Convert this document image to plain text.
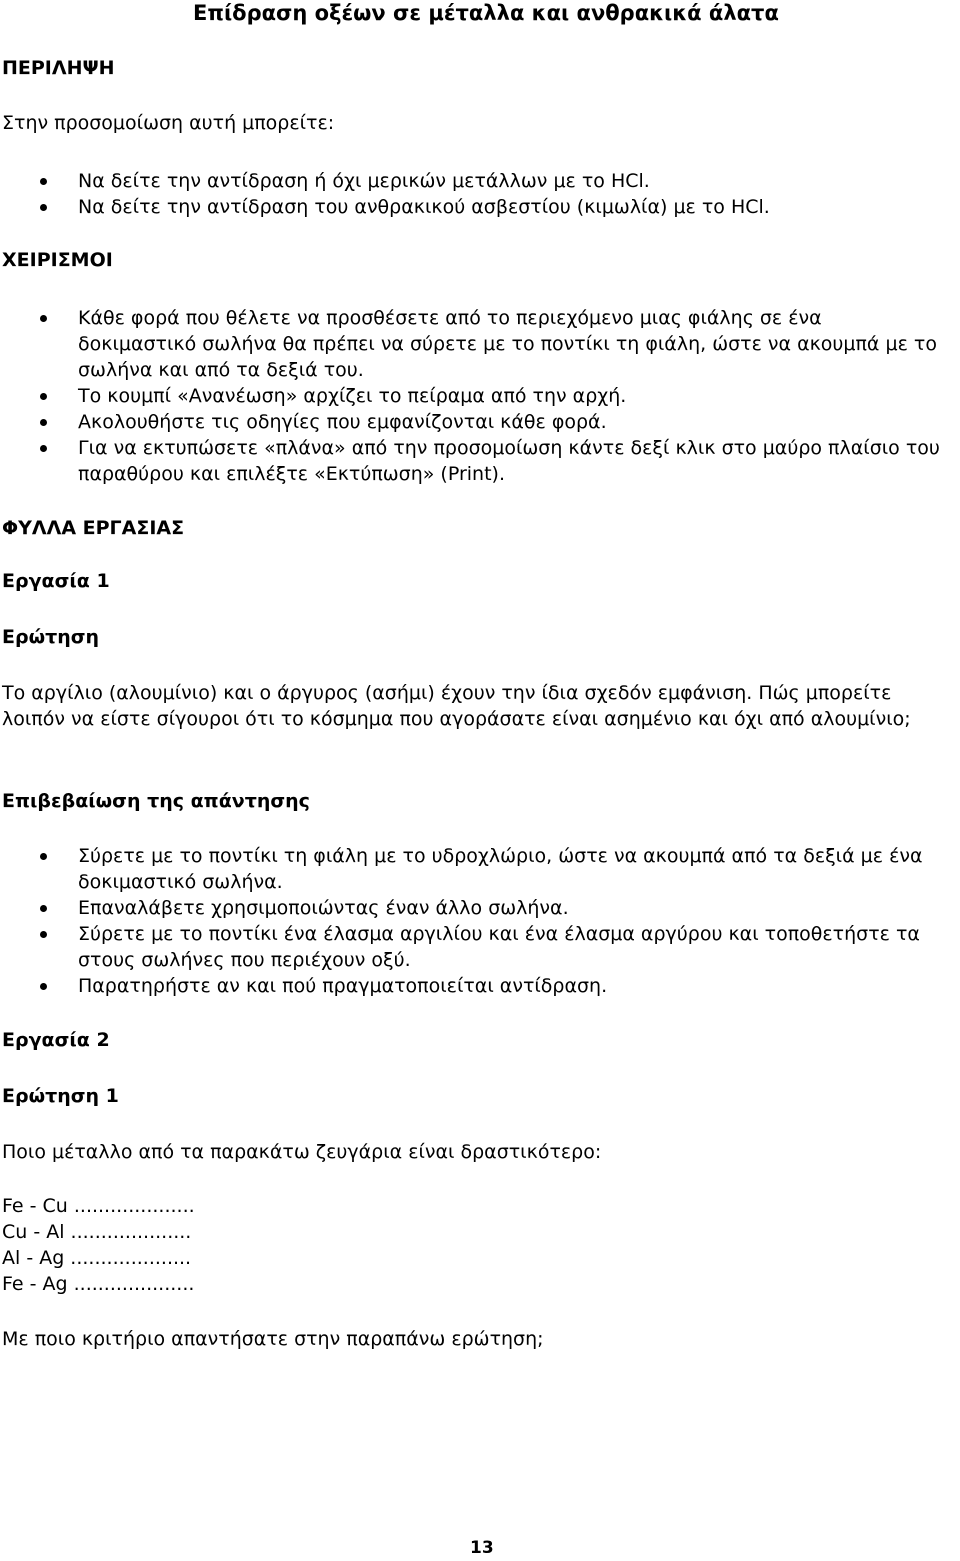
Επίδραση οξέων σε μέταλλα και ανθρακικά άλατα
ΠΕΡΙΛΗΨΗ
Στην προσομοίωση αυτή μπορείτε:
Να δείτε την αντίδραση ή όχι μερικών μετάλλων με το HCl.
Να δείτε την αντίδραση του ανθρακικού ασβεστίου (κιμωλία) με το HCl.
ΧΕΙΡΙΣΜΟΙ
Κάθε φορά που θέλετε να προσθέσετε από το περιεχόμενο μιας φιάλης σε ένα δοκιμαστικό σωλήνα θα πρέπει να σύρετε με το ποντίκι τη φιάλη, ώστε να ακουμπά με το σωλήνα και από τα δεξιά του.
Το κουμπί «Ανανέωση» αρχίζει το πείραμα από την αρχή.
Ακολουθήστε τις οδηγίες που εμφανίζονται κάθε φορά.
Για να εκτυπώσετε «πλάνα» από την προσομοίωση κάντε δεξί κλικ στο μαύρο πλαίσιο του παραθύρου και επιλέξτε «Εκτύπωση» (Print).
ΦΥΛΛΑ ΕΡΓΑΣΙΑΣ
Εργασία 1
Ερώτηση
Το αργίλιο (αλουμίνιο) και ο άργυρος (ασήμι) έχουν την ίδια σχεδόν εμφάνιση. Πώς μπορείτε λοιπόν να είστε σίγουροι ότι το κόσμημα που αγοράσατε είναι ασημένιο και όχι από αλουμίνιο;
Επιβεβαίωση της απάντησης
Σύρετε με το ποντίκι τη φιάλη με το υδροχλώριο, ώστε να ακουμπά από τα δεξιά με ένα δοκιμαστικό σωλήνα.
Επαναλάβετε χρησιμοποιώντας έναν άλλο σωλήνα.
Σύρετε με το ποντίκι ένα έλασμα αργιλίου και ένα έλασμα αργύρου και τοποθετήστε τα στους σωλήνες που περιέχουν οξύ.
Παρατηρήστε αν και πού πραγματοποιείται αντίδραση.
Εργασία 2
Ερώτηση 1
Ποιο μέταλλο από τα παρακάτω ζευγάρια είναι δραστικότερο:
Fe - Cu ....................
Cu - Al ....................
Al - Ag ....................
Fe - Ag ....................
Με ποιο κριτήριο απαντήσατε στην παραπάνω ερώτηση;
13
